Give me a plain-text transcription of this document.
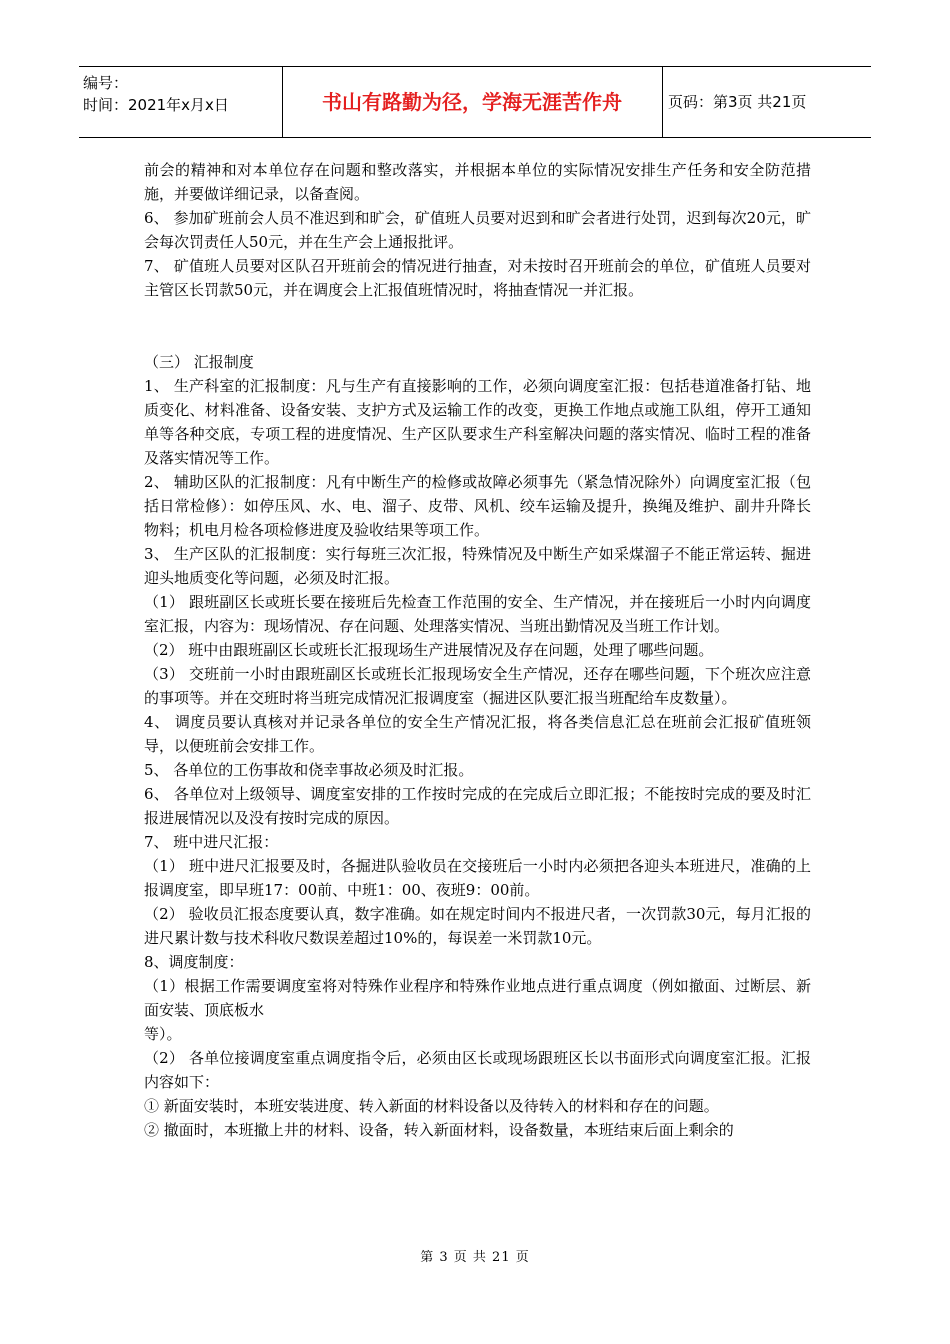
编号：
时间：2021年x月x日	书山有路勤为径，学海无涯苦作舟	页码：第3页 共21页

前会的精神和对本单位存在问题和整改落实，并根据本单位的实际情况安排生产任务和安全防范措施，并要做详细记录，以备查阅。

6、 参加矿班前会人员不准迟到和旷会，矿值班人员要对迟到和旷会者进行处罚，迟到每次20元，旷会每次罚责任人50元，并在生产会上通报批评。

7、 矿值班人员要对区队召开班前会的情况进行抽查，对未按时召开班前会的单位，矿值班人员要对主管区长罚款50元，并在调度会上汇报值班情况时，将抽查情况一并汇报。

（三） 汇报制度

1、 生产科室的汇报制度：凡与生产有直接影响的工作，必须向调度室汇报：包括巷道准备打钻、地质变化、材料准备、设备安装、支护方式及运输工作的改变，更换工作地点或施工队组，停开工通知单等各种交底，专项工程的进度情况、生产区队要求生产科室解决问题的落实情况、临时工程的准备及落实情况等工作。

2、 辅助区队的汇报制度：凡有中断生产的检修或故障必须事先（紧急情况除外）向调度室汇报（包括日常检修）：如停压风、水、电、溜子、皮带、风机、绞车运输及提升，换绳及维护、副井升降长物料；机电月检各项检修进度及验收结果等项工作。

3、 生产区队的汇报制度：实行每班三次汇报，特殊情况及中断生产如采煤溜子不能正常运转、掘进迎头地质变化等问题，必须及时汇报。

（1） 跟班副区长或班长要在接班后先检查工作范围的安全、生产情况，并在接班后一小时内向调度室汇报，内容为：现场情况、存在问题、处理落实情况、当班出勤情况及当班工作计划。

（2） 班中由跟班副区长或班长汇报现场生产进展情况及存在问题，处理了哪些问题。

（3） 交班前一小时由跟班副区长或班长汇报现场安全生产情况，还存在哪些问题，下个班次应注意的事项等。并在交班时将当班完成情况汇报调度室（掘进区队要汇报当班配给车皮数量）。

4、 调度员要认真核对并记录各单位的安全生产情况汇报，将各类信息汇总在班前会汇报矿值班领导，以便班前会安排工作。

5、 各单位的工伤事故和侥幸事故必须及时汇报。

6、 各单位对上级领导、调度室安排的工作按时完成的在完成后立即汇报；不能按时完成的要及时汇报进展情况以及没有按时完成的原因。

7、 班中进尺汇报：

（1） 班中进尺汇报要及时，各掘进队验收员在交接班后一小时内必须把各迎头本班进尺，准确的上报调度室，即早班17：00前、中班1：00、夜班9：00前。

（2） 验收员汇报态度要认真，数字准确。如在规定时间内不报进尺者，一次罚款30元，每月汇报的进尺累计数与技术科收尺数误差超过10%的，每误差一米罚款10元。

8、调度制度：

（1）根据工作需要调度室将对特殊作业程序和特殊作业地点进行重点调度（例如撤面、过断层、新面安装、顶底板水

等）。

（2） 各单位接调度室重点调度指令后，必须由区长或现场跟班区长以书面形式向调度室汇报。汇报内容如下：

① 新面安装时，本班安装进度、转入新面的材料设备以及待转入的材料和存在的问题。

② 撤面时，本班撤上井的材料、设备，转入新面材料，设备数量，本班结束后面上剩余的

第 3 页 共 21 页
